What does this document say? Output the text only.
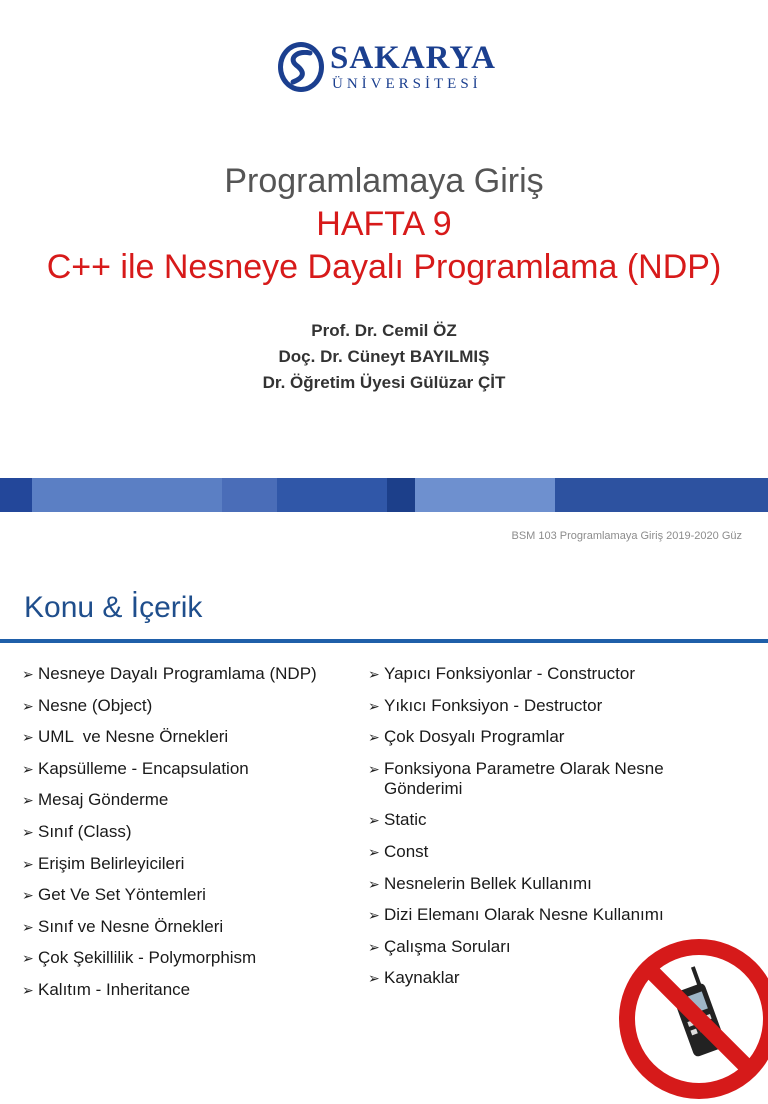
SAKARYA
ÜNİVERSİTESİ
Programlamaya Giriş
HAFTA 9
C++ ile Nesneye Dayalı Programlama (NDP)
Prof. Dr. Cemil ÖZ
Doç. Dr. Cüneyt BAYILMIŞ
Dr. Öğretim Üyesi Gülüzar ÇİT
BSM 103 Programlamaya Giriş 2019-2020 Güz
Konu & İçerik
➢ Nesneye Dayalı Programlama (NDP)
➢ Nesne (Object)
➢ UML  ve Nesne Örnekleri
➢ Kapsülleme - Encapsulation
➢ Mesaj Gönderme
➢ Sınıf (Class)
➢ Erişim Belirleyicileri
➢ Get Ve Set Yöntemleri
➢ Sınıf ve Nesne Örnekleri
➢ Çok Şekillilik - Polymorphism
➢ Kalıtım - Inheritance
➢ Yapıcı Fonksiyonlar - Constructor
➢ Yıkıcı Fonksiyon - Destructor
➢ Çok Dosyalı Programlar
➢ Fonksiyona Parametre Olarak Nesne Gönderimi
➢ Static
➢ Const
➢ Nesnelerin Bellek Kullanımı
➢ Dizi Elemanı Olarak Nesne Kullanımı
➢ Çalışma Soruları
➢ Kaynaklar
